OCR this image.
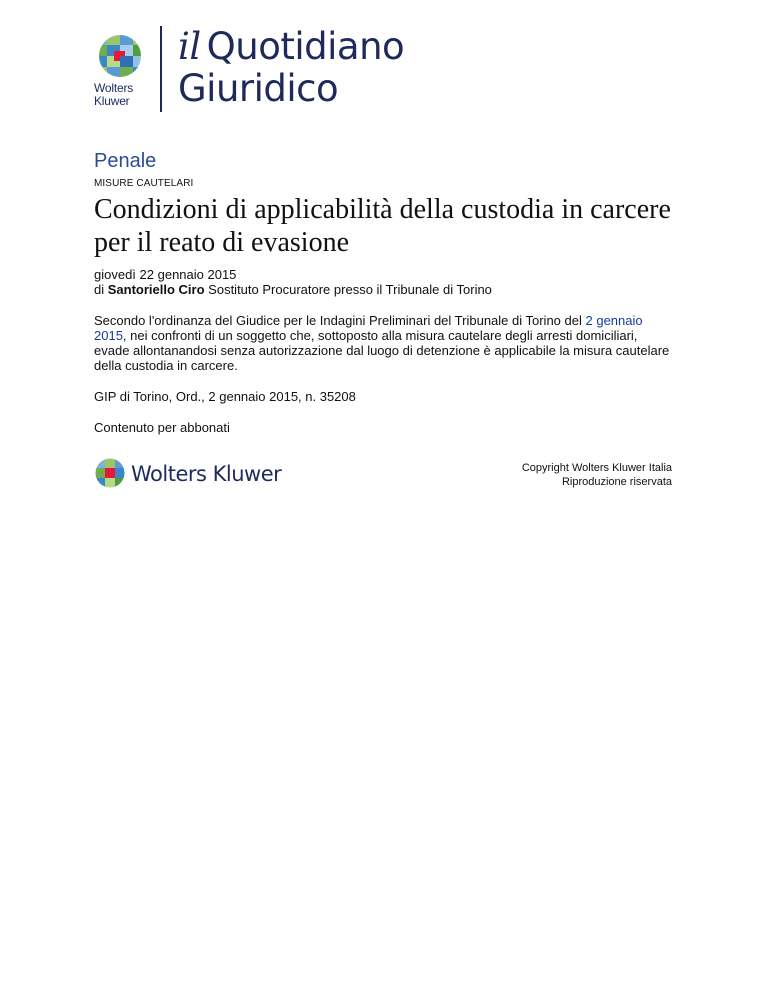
Wolters
Kluwer
il Quotidiano
Giuridico
Penale
MISURE CAUTELARI
Condizioni di applicabilità della custodia in carcere per il reato di evasione
giovedì 22 gennaio 2015
di Santoriello Ciro Sostituto Procuratore presso il Tribunale di Torino

Secondo l'ordinanza del Giudice per le Indagini Preliminari del Tribunale di Torino del 2 gennaio 2015, nei confronti di un soggetto che, sottoposto alla misura cautelare degli arresti domiciliari, evade allontanandosi senza autorizzazione dal luogo di detenzione è applicabile la misura cautelare della custodia in carcere.

GIP di Torino, Ord., 2 gennaio 2015, n. 35208
Contenuto per abbonati
Wolters Kluwer	Copyright Wolters Kluwer Italia
Riproduzione riservata
